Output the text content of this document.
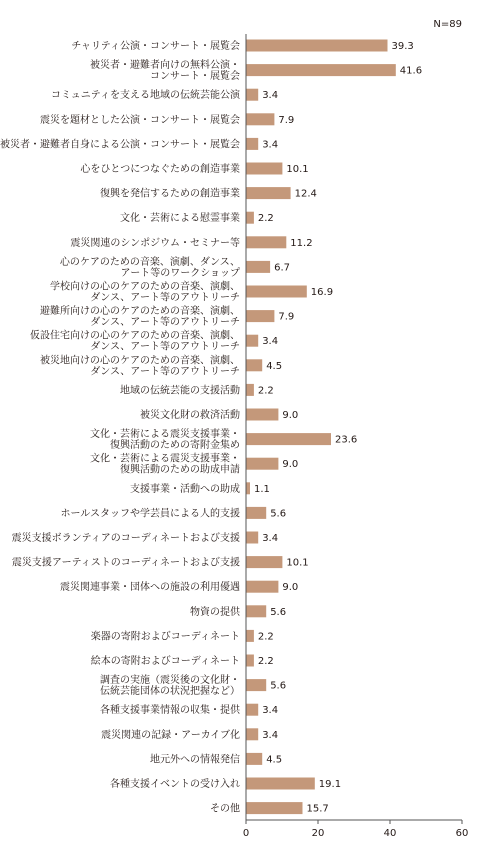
N=89
39.3
チャリティ公演・コンサート・展覧会
41.6
被災者・避難者向けの無料公演・コンサート・展覧会
3.4
コミュニティを支える地域の伝統芸能公演
7.9
震災を題材とした公演・コンサート・展覧会
3.4
被災者・避難者自身による公演・コンサート・展覧会
10.1
心をひとつにつなぐための創造事業
12.4
復興を発信するための創造事業
2.2
文化・芸術による慰霊事業
11.2
震災関連のシンポジウム・セミナー等
6.7
心のケアのための音楽、演劇、ダンス、アート等のワークショップ
16.9
学校向けの心のケアのための音楽、演劇、ダンス、アート等のアウトリーチ
7.9
避難所向けの心のケアのための音楽、演劇、ダンス、アート等のアウトリーチ
3.4
仮設住宅向けの心のケアのための音楽、演劇、ダンス、アート等のアウトリーチ
4.5
被災地向けの心のケアのための音楽、演劇、ダンス、アート等のアウトリーチ
2.2
地域の伝統芸能の支援活動
9.0
被災文化財の救済活動
23.6
文化・芸術による震災支援事業・復興活動のための寄附金集め
9.0
文化・芸術による震災支援事業・復興活動のための助成申請
1.1
支援事業・活動への助成
5.6
ホールスタッフや学芸員による人的支援
3.4
震災支援ボランティアのコーディネートおよび支援
10.1
震災支援アーティストのコーディネートおよび支援
9.0
震災関連事業・団体への施設の利用優遇
5.6
物資の提供
2.2
楽器の寄附およびコーディネート
2.2
絵本の寄附およびコーディネート
5.6
調査の実施（震災後の文化財・伝統芸能団体の状況把握など）
3.4
各種支援事業情報の収集・提供
3.4
震災関連の記録・アーカイブ化
4.5
地元外への情報発信
19.1
各種支援イベントの受け入れ
15.7
その他
0	20	40	60
